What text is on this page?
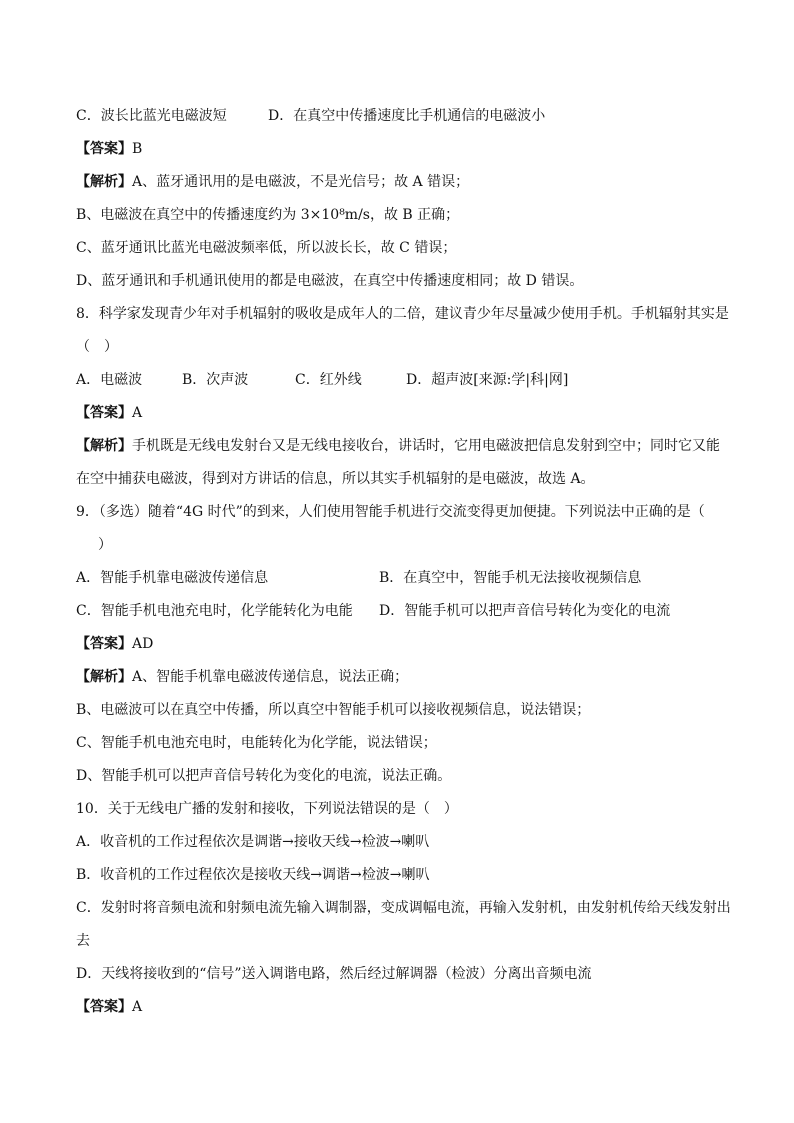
C．波长比蓝光电磁波短	D．在真空中传播速度比手机通信的电磁波小
【答案】B
【解析】A、蓝牙通讯用的是电磁波，不是光信号；故 A 错误；
B、电磁波在真空中的传播速度约为 3×10⁸m/s，故 B 正确；
C、蓝牙通讯比蓝光电磁波频率低，所以波长长，故 C 错误；
D、蓝牙通讯和手机通讯使用的都是电磁波，在真空中传播速度相同；故 D 错误。
8．科学家发现青少年对手机辐射的吸收是成年人的二倍，建议青少年尽量减少使用手机。手机辐射其实是
（　）
A．电磁波	B．次声波	C．红外线	D．超声波[来源:学|科|网]
【答案】A
【解析】手机既是无线电发射台又是无线电接收台，讲话时，它用电磁波把信息发射到空中；同时它又能
在空中捕获电磁波，得到对方讲话的信息，所以其实手机辐射的是电磁波，故选 A。
9．（多选）随着“4G 时代”的到来，人们使用智能手机进行交流变得更加便捷。下列说法中正确的是（
）
A．智能手机靠电磁波传递信息	B．在真空中，智能手机无法接收视频信息
C．智能手机电池充电时，化学能转化为电能 D．智能手机可以把声音信号转化为变化的电流
【答案】AD
【解析】A、智能手机靠电磁波传递信息，说法正确；
B、电磁波可以在真空中传播，所以真空中智能手机可以接收视频信息，说法错误；
C、智能手机电池充电时，电能转化为化学能，说法错误；
D、智能手机可以把声音信号转化为变化的电流，说法正确。
10．关于无线电广播的发射和接收，下列说法错误的是（　）
A．收音机的工作过程依次是调谐→接收天线→检波→喇叭
B．收音机的工作过程依次是接收天线→调谐→检波→喇叭
C．发射时将音频电流和射频电流先输入调制器，变成调幅电流，再输入发射机，由发射机传给天线发射出
去
D．天线将接收到的“信号”送入调谐电路，然后经过解调器（检波）分离出音频电流
【答案】A
